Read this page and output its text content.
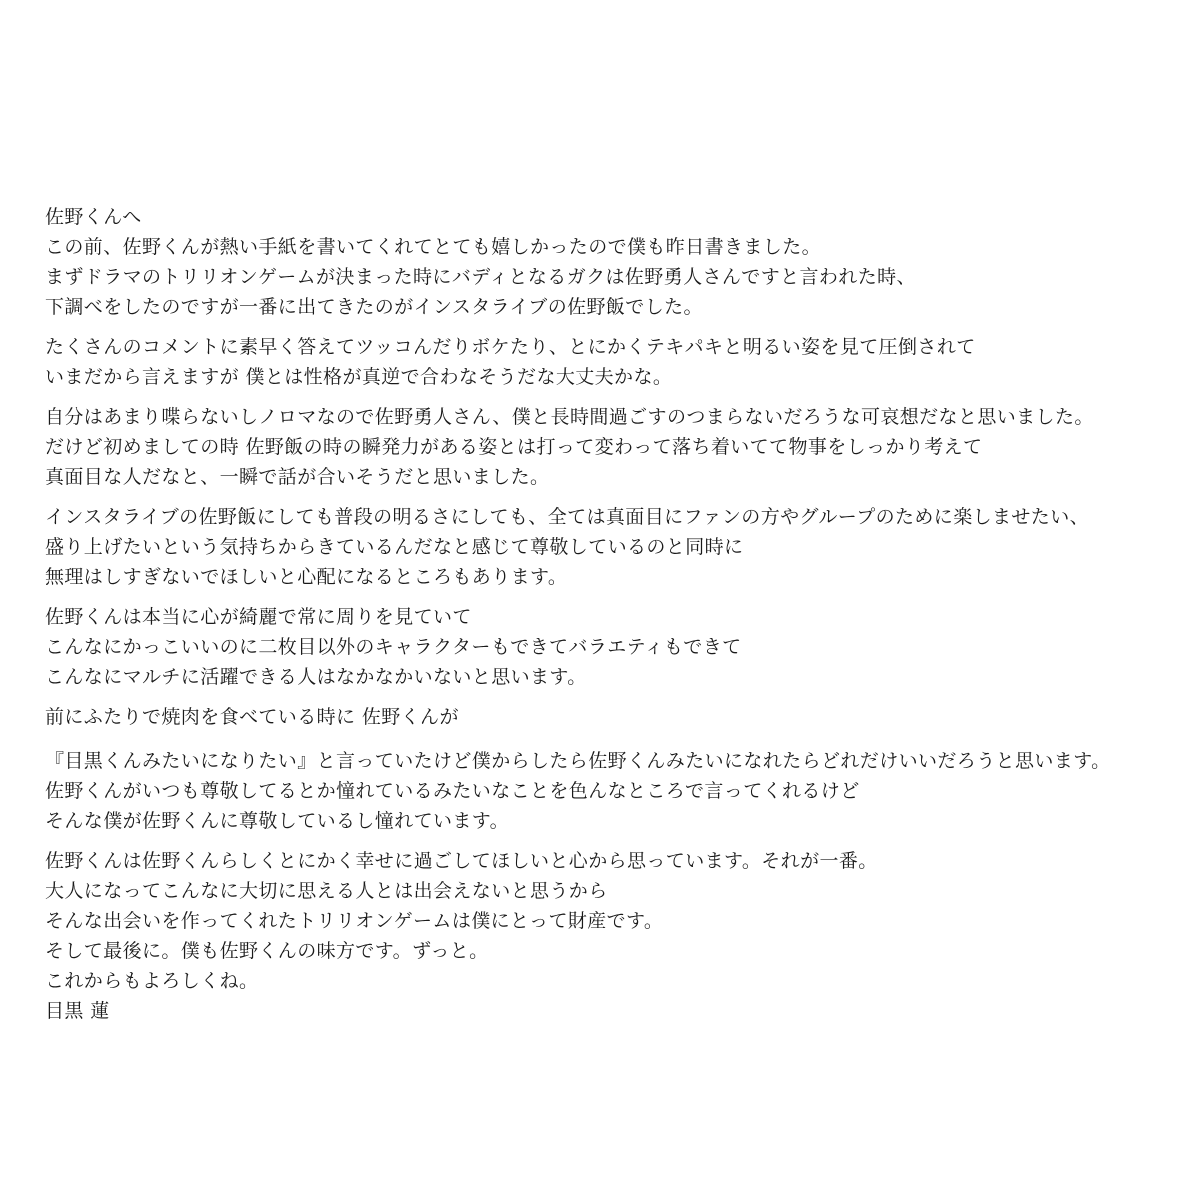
佐野くんへ
この前、佐野くんが熱い手紙を書いてくれてとても嬉しかったので僕も昨日書きました。
まずドラマのトリリオンゲームが決まった時にバディとなるガクは佐野勇人さんですと言われた時、
下調べをしたのですが一番に出てきたのがインスタライブの佐野飯でした。
たくさんのコメントに素早く答えてツッコんだりボケたり、とにかくテキパキと明るい姿を見て圧倒されて
いまだから言えますが 僕とは性格が真逆で合わなそうだな大丈夫かな。
自分はあまり喋らないしノロマなので佐野勇人さん、僕と長時間過ごすのつまらないだろうな可哀想だなと思いました。
だけど初めましての時 佐野飯の時の瞬発力がある姿とは打って変わって落ち着いてて物事をしっかり考えて
真面目な人だなと、一瞬で話が合いそうだと思いました。
インスタライブの佐野飯にしても普段の明るさにしても、全ては真面目にファンの方やグループのために楽しませたい、
盛り上げたいという気持ちからきているんだなと感じて尊敬しているのと同時に
無理はしすぎないでほしいと心配になるところもあります。
佐野くんは本当に心が綺麗で常に周りを見ていて
こんなにかっこいいのに二枚目以外のキャラクターもできてバラエティもできて
こんなにマルチに活躍できる人はなかなかいないと思います。
前にふたりで焼肉を食べている時に 佐野くんが
『目黒くんみたいになりたい』と言っていたけど僕からしたら佐野くんみたいになれたらどれだけいいだろうと思います。
佐野くんがいつも尊敬してるとか憧れているみたいなことを色んなところで言ってくれるけど
そんな僕が佐野くんに尊敬しているし憧れています。
佐野くんは佐野くんらしくとにかく幸せに過ごしてほしいと心から思っています。それが一番。
大人になってこんなに大切に思える人とは出会えないと思うから
そんな出会いを作ってくれたトリリオンゲームは僕にとって財産です。
そして最後に。僕も佐野くんの味方です。ずっと。
これからもよろしくね。
目黒 蓮
